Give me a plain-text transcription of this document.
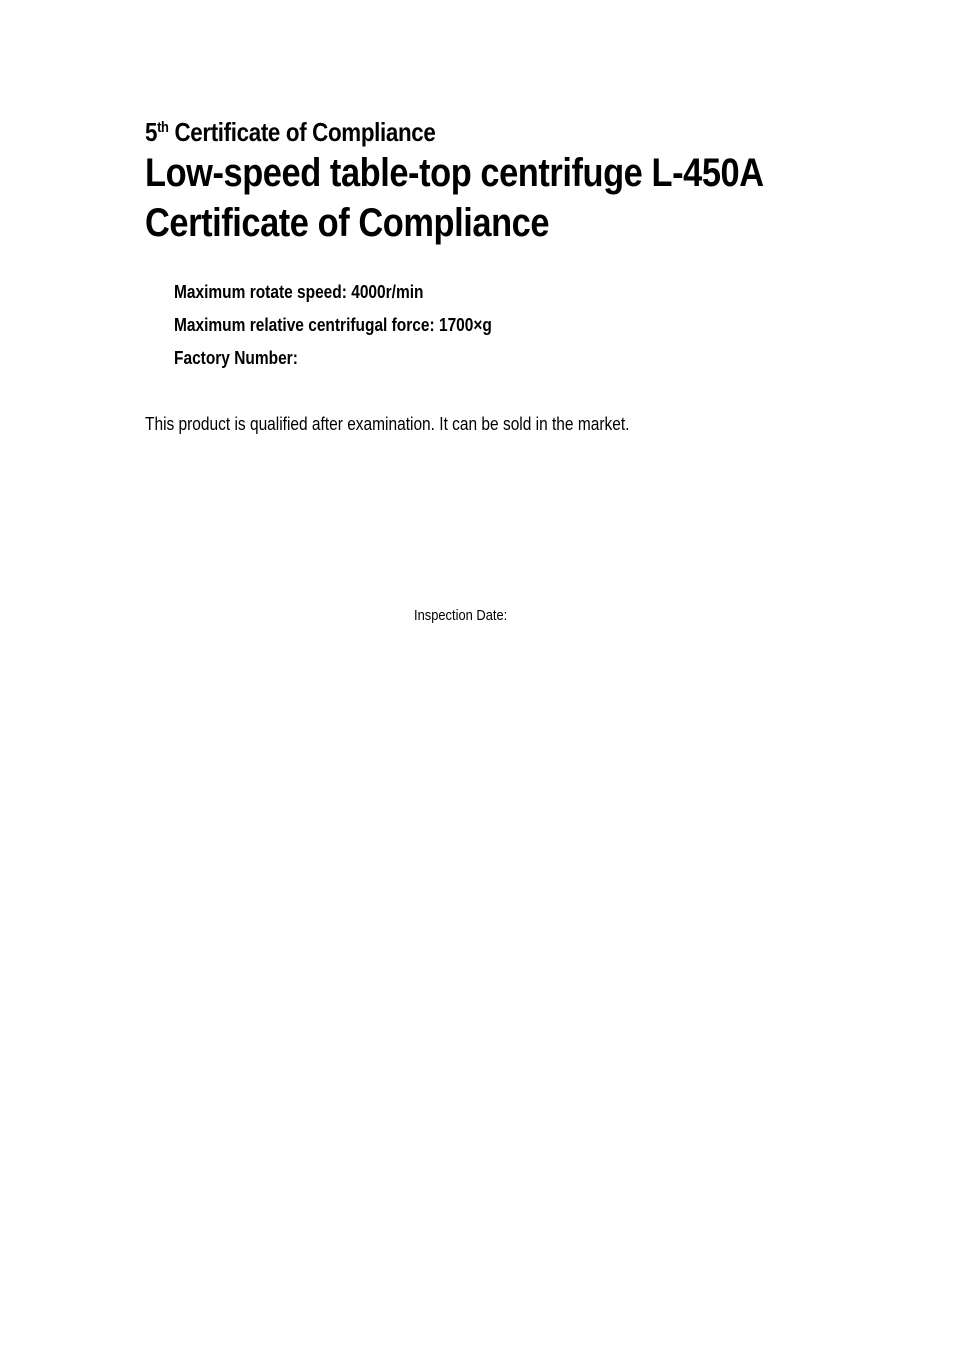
5th Certificate of Compliance
Low-speed table-top centrifuge L-450A
Certificate of Compliance
Maximum rotate speed: 4000r/min
Maximum relative centrifugal force: 1700×g
Factory Number:
This product is qualified after examination. It can be sold in the market.
Inspection Date:
